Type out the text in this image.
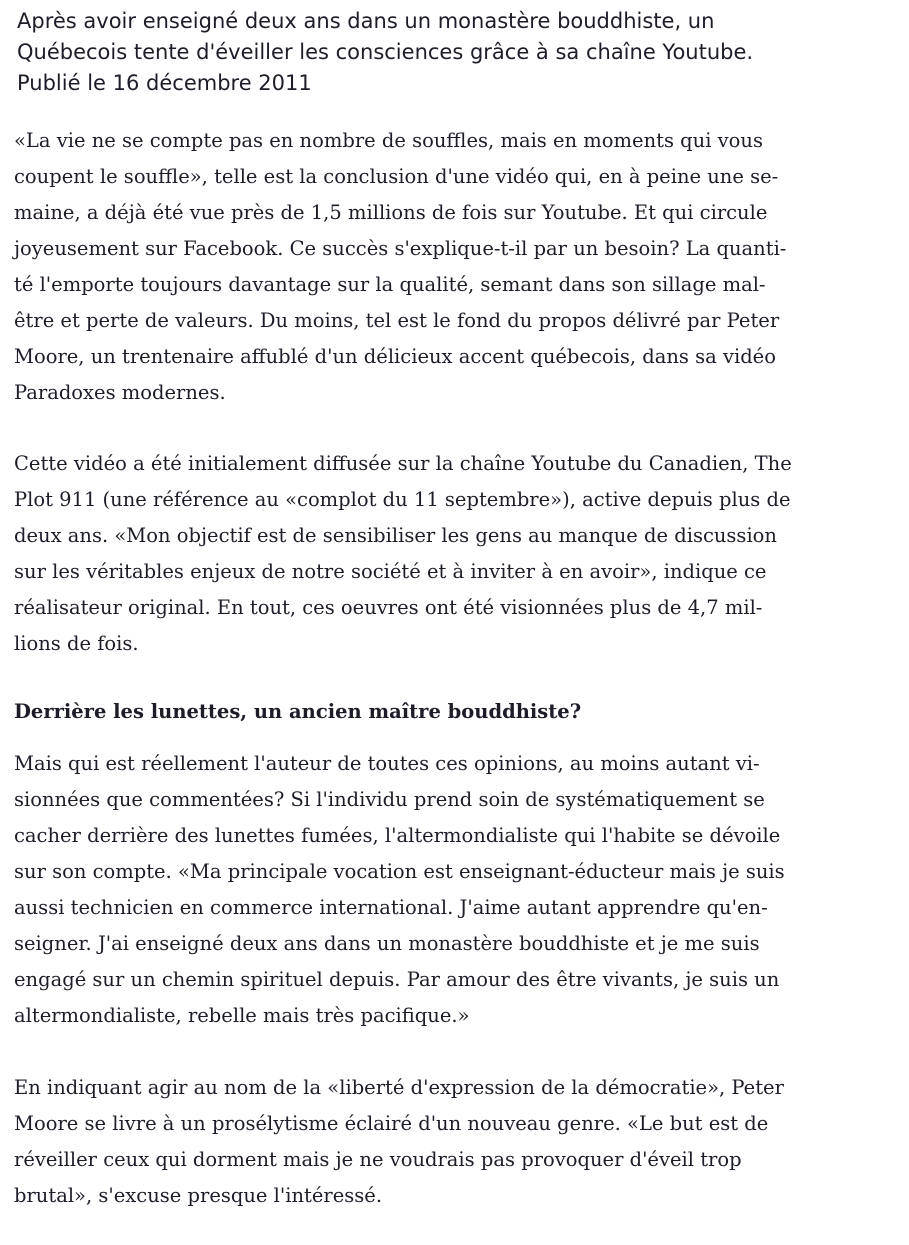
Après avoir enseigné deux ans dans un monastère bouddhiste, un
Québecois tente d'éveiller les consciences grâce à sa chaîne Youtube.
Publié le 16 décembre 2011

«La vie ne se compte pas en nombre de souffles, mais en moments qui vous
coupent le souffle», telle est la conclusion d'une vidéo qui, en à peine une se-
maine, a déjà été vue près de 1,5 millions de fois sur Youtube. Et qui circule
joyeusement sur Facebook. Ce succès s'explique-t-il par un besoin? La quanti-
té l'emporte toujours davantage sur la qualité, semant dans son sillage mal-
être et perte de valeurs. Du moins, tel est le fond du propos délivré par Peter
Moore, un trentenaire affublé d'un délicieux accent québecois, dans sa vidéo
Paradoxes modernes.

Cette vidéo a été initialement diffusée sur la chaîne Youtube du Canadien, The
Plot 911 (une référence au «complot du 11 septembre»), active depuis plus de
deux ans. «Mon objectif est de sensibiliser les gens au manque de discussion
sur les véritables enjeux de notre société et à inviter à en avoir», indique ce
réalisateur original. En tout, ces oeuvres ont été visionnées plus de 4,7 mil-
lions de fois.

Derrière les lunettes, un ancien maître bouddhiste?

Mais qui est réellement l'auteur de toutes ces opinions, au moins autant vi-
sionnées que commentées? Si l'individu prend soin de systématiquement se
cacher derrière des lunettes fumées, l'altermondialiste qui l'habite se dévoile
sur son compte. «Ma principale vocation est enseignant-éducteur mais je suis
aussi technicien en commerce international. J'aime autant apprendre qu'en-
seigner. J'ai enseigné deux ans dans un monastère bouddhiste et je me suis
engagé sur un chemin spirituel depuis. Par amour des être vivants, je suis un
altermondialiste, rebelle mais très pacifique.»

En indiquant agir au nom de la «liberté d'expression de la démocratie», Peter
Moore se livre à un prosélytisme éclairé d'un nouveau genre. «Le but est de
réveiller ceux qui dorment mais je ne voudrais pas provoquer d'éveil trop
brutal», s'excuse presque l'intéressé.
